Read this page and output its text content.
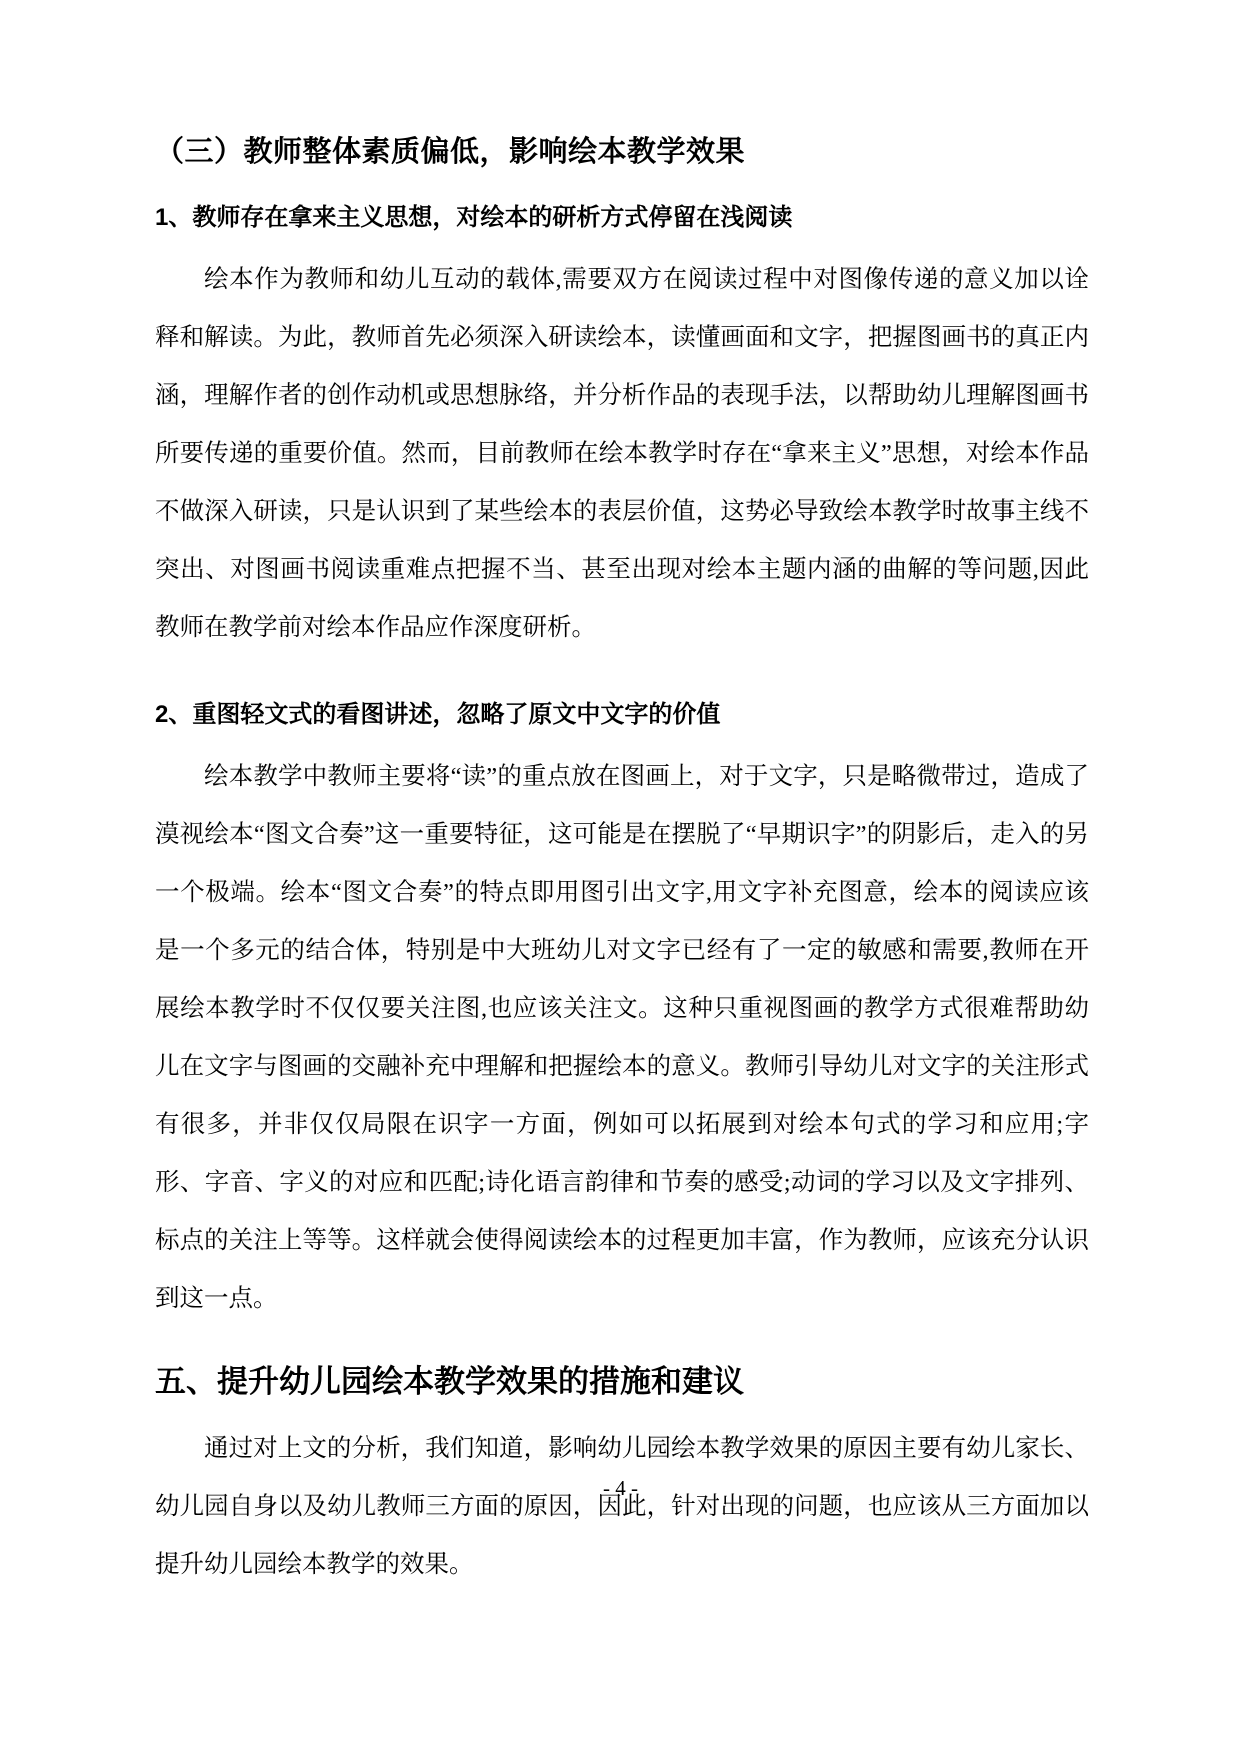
（三）教师整体素质偏低，影响绘本教学效果
1、教师存在拿来主义思想，对绘本的研析方式停留在浅阅读

绘本作为教师和幼儿互动的载体,需要双方在阅读过程中对图像传递的意义加以诠释和解读。为此，教师首先必须深入研读绘本，读懂画面和文字，把握图画书的真正内涵，理解作者的创作动机或思想脉络，并分析作品的表现手法，以帮助幼儿理解图画书所要传递的重要价值。然而，目前教师在绘本教学时存在“拿来主义”思想，对绘本作品不做深入研读，只是认识到了某些绘本的表层价值，这势必导致绘本教学时故事主线不突出、对图画书阅读重难点把握不当、甚至出现对绘本主题内涵的曲解的等问题,因此教师在教学前对绘本作品应作深度研析。

2、重图轻文式的看图讲述，忽略了原文中文字的价值

绘本教学中教师主要将“读”的重点放在图画上，对于文字，只是略微带过，造成了漠视绘本“图文合奏”这一重要特征，这可能是在摆脱了“早期识字”的阴影后，走入的另一个极端。绘本“图文合奏”的特点即用图引出文字,用文字补充图意，绘本的阅读应该是一个多元的结合体，特别是中大班幼儿对文字已经有了一定的敏感和需要,教师在开展绘本教学时不仅仅要关注图,也应该关注文。这种只重视图画的教学方式很难帮助幼儿在文字与图画的交融补充中理解和把握绘本的意义。教师引导幼儿对文字的关注形式有很多，并非仅仅局限在识字一方面，例如可以拓展到对绘本句式的学习和应用;字形、字音、字义的对应和匹配;诗化语言韵律和节奏的感受;动词的学习以及文字排列、标点的关注上等等。这样就会使得阅读绘本的过程更加丰富，作为教师，应该充分认识到这一点。

五、提升幼儿园绘本教学效果的措施和建议

通过对上文的分析，我们知道，影响幼儿园绘本教学效果的原因主要有幼儿家长、幼儿园自身以及幼儿教师三方面的原因，因此，针对出现的问题，也应该从三方面加以提升幼儿园绘本教学的效果。

- 4 -
